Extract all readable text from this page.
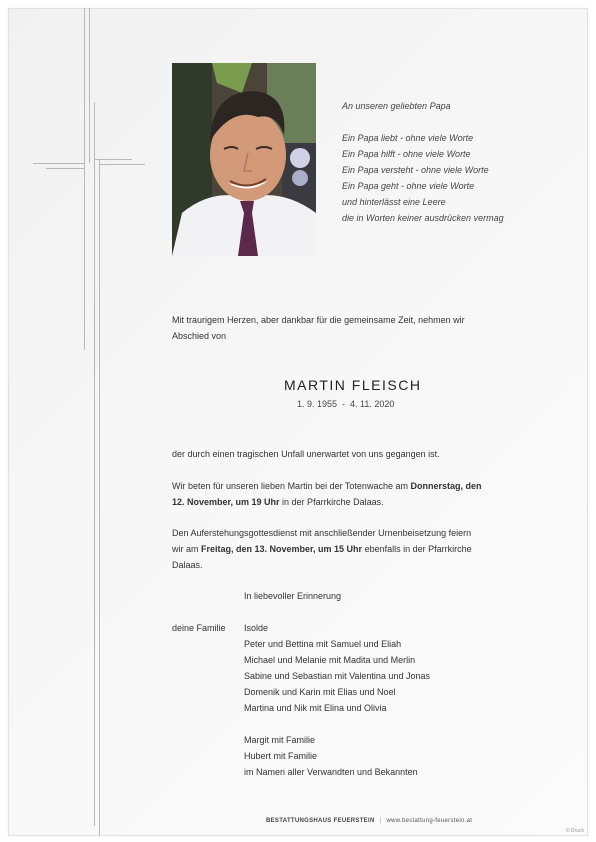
An unseren geliebten Papa
Ein Papa liebt - ohne viele Worte
Ein Papa hilft - ohne viele Worte
Ein Papa versteht - ohne viele Worte
Ein Papa geht - ohne viele Worte
und hinterlässt eine Leere
die in Worten keiner ausdrücken vermag
Mit traurigem Herzen, aber dankbar für die gemeinsame Zeit, nehmen wir
Abschied von
MARTIN FLEISCH
1. 9. 1955  -  4. 11. 2020
der durch einen tragischen Unfall unerwartet von uns gegangen ist.
Wir beten für unseren lieben Martin bei der Totenwache am Donnerstag, den
12. November, um 19 Uhr in der Pfarrkirche Dalaas.
Den Auferstehungsgottesdienst mit anschließender Urnenbeisetzung feiern
wir am Freitag, den 13. November, um 15 Uhr ebenfalls in der Pfarrkirche
Dalaas.
In liebevoller Erinnerung
deine Familie Isolde
Peter und Bettina mit Samuel und Eliah
Michael und Melanie mit Madita und Merlin
Sabine und Sebastian mit Valentina und Jonas
Domenik und Karin mit Elias und Noel
Martina und Nik mit Elina und Olivia
Margit mit Familie
Hubert mit Familie
im Namen aller Verwandten und Bekannten
BESTATTUNGSHAUS FEUERSTEIN | www.bestattung-feuerstein.at
© Druck
